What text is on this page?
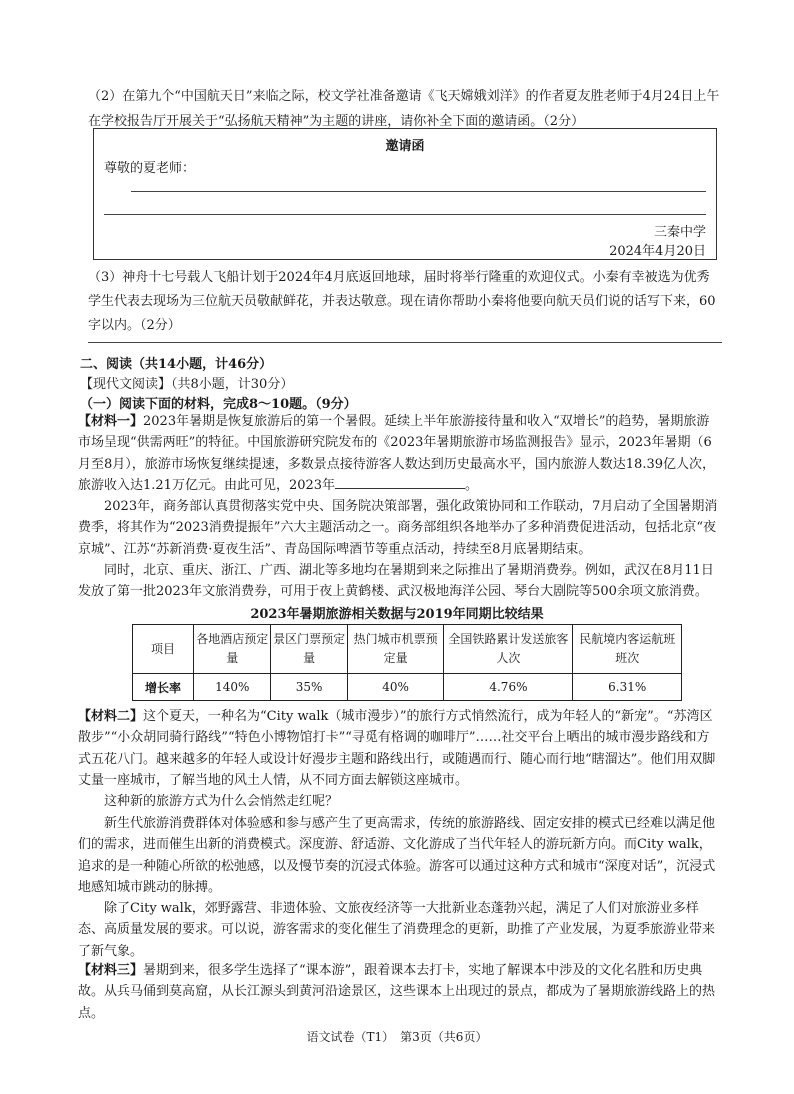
（2）在第九个“中国航天日”来临之际，校文学社准备邀请《飞天嫦娥刘洋》的作者夏友胜老师于4月24日上午在学校报告厅开展关于“弘扬航天精神”为主题的讲座，请你补全下面的邀请函。（2分）

邀请函
尊敬的夏老师：
三秦中学
2024年4月20日

（3）神舟十七号载人飞船计划于2024年4月底返回地球，届时将举行隆重的欢迎仪式。小秦有幸被选为优秀学生代表去现场为三位航天员敬献鲜花，并表达敬意。现在请你帮助小秦将他要向航天员们说的话写下来，60字以内。（2分）

二、阅读（共14小题，计46分）
【现代文阅读】（共8小题，计30分）
（一）阅读下面的材料，完成8～10题。（9分）

【材料一】2023年暑期是恢复旅游后的第一个暑假。延续上半年旅游接待量和收入“双增长”的趋势，暑期旅游市场呈现“供需两旺”的特征。中国旅游研究院发布的《2023年暑期旅游市场监测报告》显示，2023年暑期（6月至8月），旅游市场恢复继续提速，多数景点接待游客人数达到历史最高水平，国内旅游人数达18.39亿人次，旅游收入达1.21万亿元。由此可见，2023年	。

2023年，商务部认真贯彻落实党中央、国务院决策部署，强化政策协同和工作联动，7月启动了全国暑期消费季，将其作为“2023消费提振年”六大主题活动之一。商务部组织各地举办了多种消费促进活动，包括北京“夜京城”、江苏“苏新消费·夏夜生活”、青岛国际啤酒节等重点活动，持续至8月底暑期结束。

同时，北京、重庆、浙江、广西、湖北等多地均在暑期到来之际推出了暑期消费券。例如，武汉在8月11日发放了第一批2023年文旅消费券，可用于夜上黄鹤楼、武汉极地海洋公园、琴台大剧院等500余项文旅消费。

2023年暑期旅游相关数据与2019年同期比较结果
项目	各地酒店预定量	景区门票预定量	热门城市机票预定量	全国铁路累计发送旅客人次	民航境内客运航班班次
增长率	140%	35%	40%	4.76%	6.31%

【材料二】这个夏天，一种名为“City walk（城市漫步）”的旅行方式悄然流行，成为年轻人的“新宠”。“苏湾区散步”“小众胡同骑行路线”“特色小博物馆打卡”“寻觅有格调的咖啡厅”……社交平台上晒出的城市漫步路线和方式五花八门。越来越多的年轻人或设计好漫步主题和路线出行，或随遇而行、随心而行地“瞎溜达”。他们用双脚丈量一座城市，了解当地的风土人情，从不同方面去解锁这座城市。

这种新的旅游方式为什么会悄然走红呢？

新生代旅游消费群体对体验感和参与感产生了更高需求，传统的旅游路线、固定安排的模式已经难以满足他们的需求，进而催生出新的消费模式。深度游、舒适游、文化游成了当代年轻人的游玩新方向。而City walk，追求的是一种随心所欲的松弛感，以及慢节奏的沉浸式体验。游客可以通过这种方式和城市“深度对话”，沉浸式地感知城市跳动的脉搏。

除了City walk，郊野露营、非遗体验、文旅夜经济等一大批新业态蓬勃兴起，满足了人们对旅游业多样态、高质量发展的要求。可以说，游客需求的变化催生了消费理念的更新，助推了产业发展，为夏季旅游业带来了新气象。

【材料三】暑期到来，很多学生选择了“课本游”，跟着课本去打卡，实地了解课本中涉及的文化名胜和历史典故。从兵马俑到莫高窟，从长江源头到黄河沿途景区，这些课本上出现过的景点，都成为了暑期旅游线路上的热点。

语文试卷（T1）　第3页（共6页）
